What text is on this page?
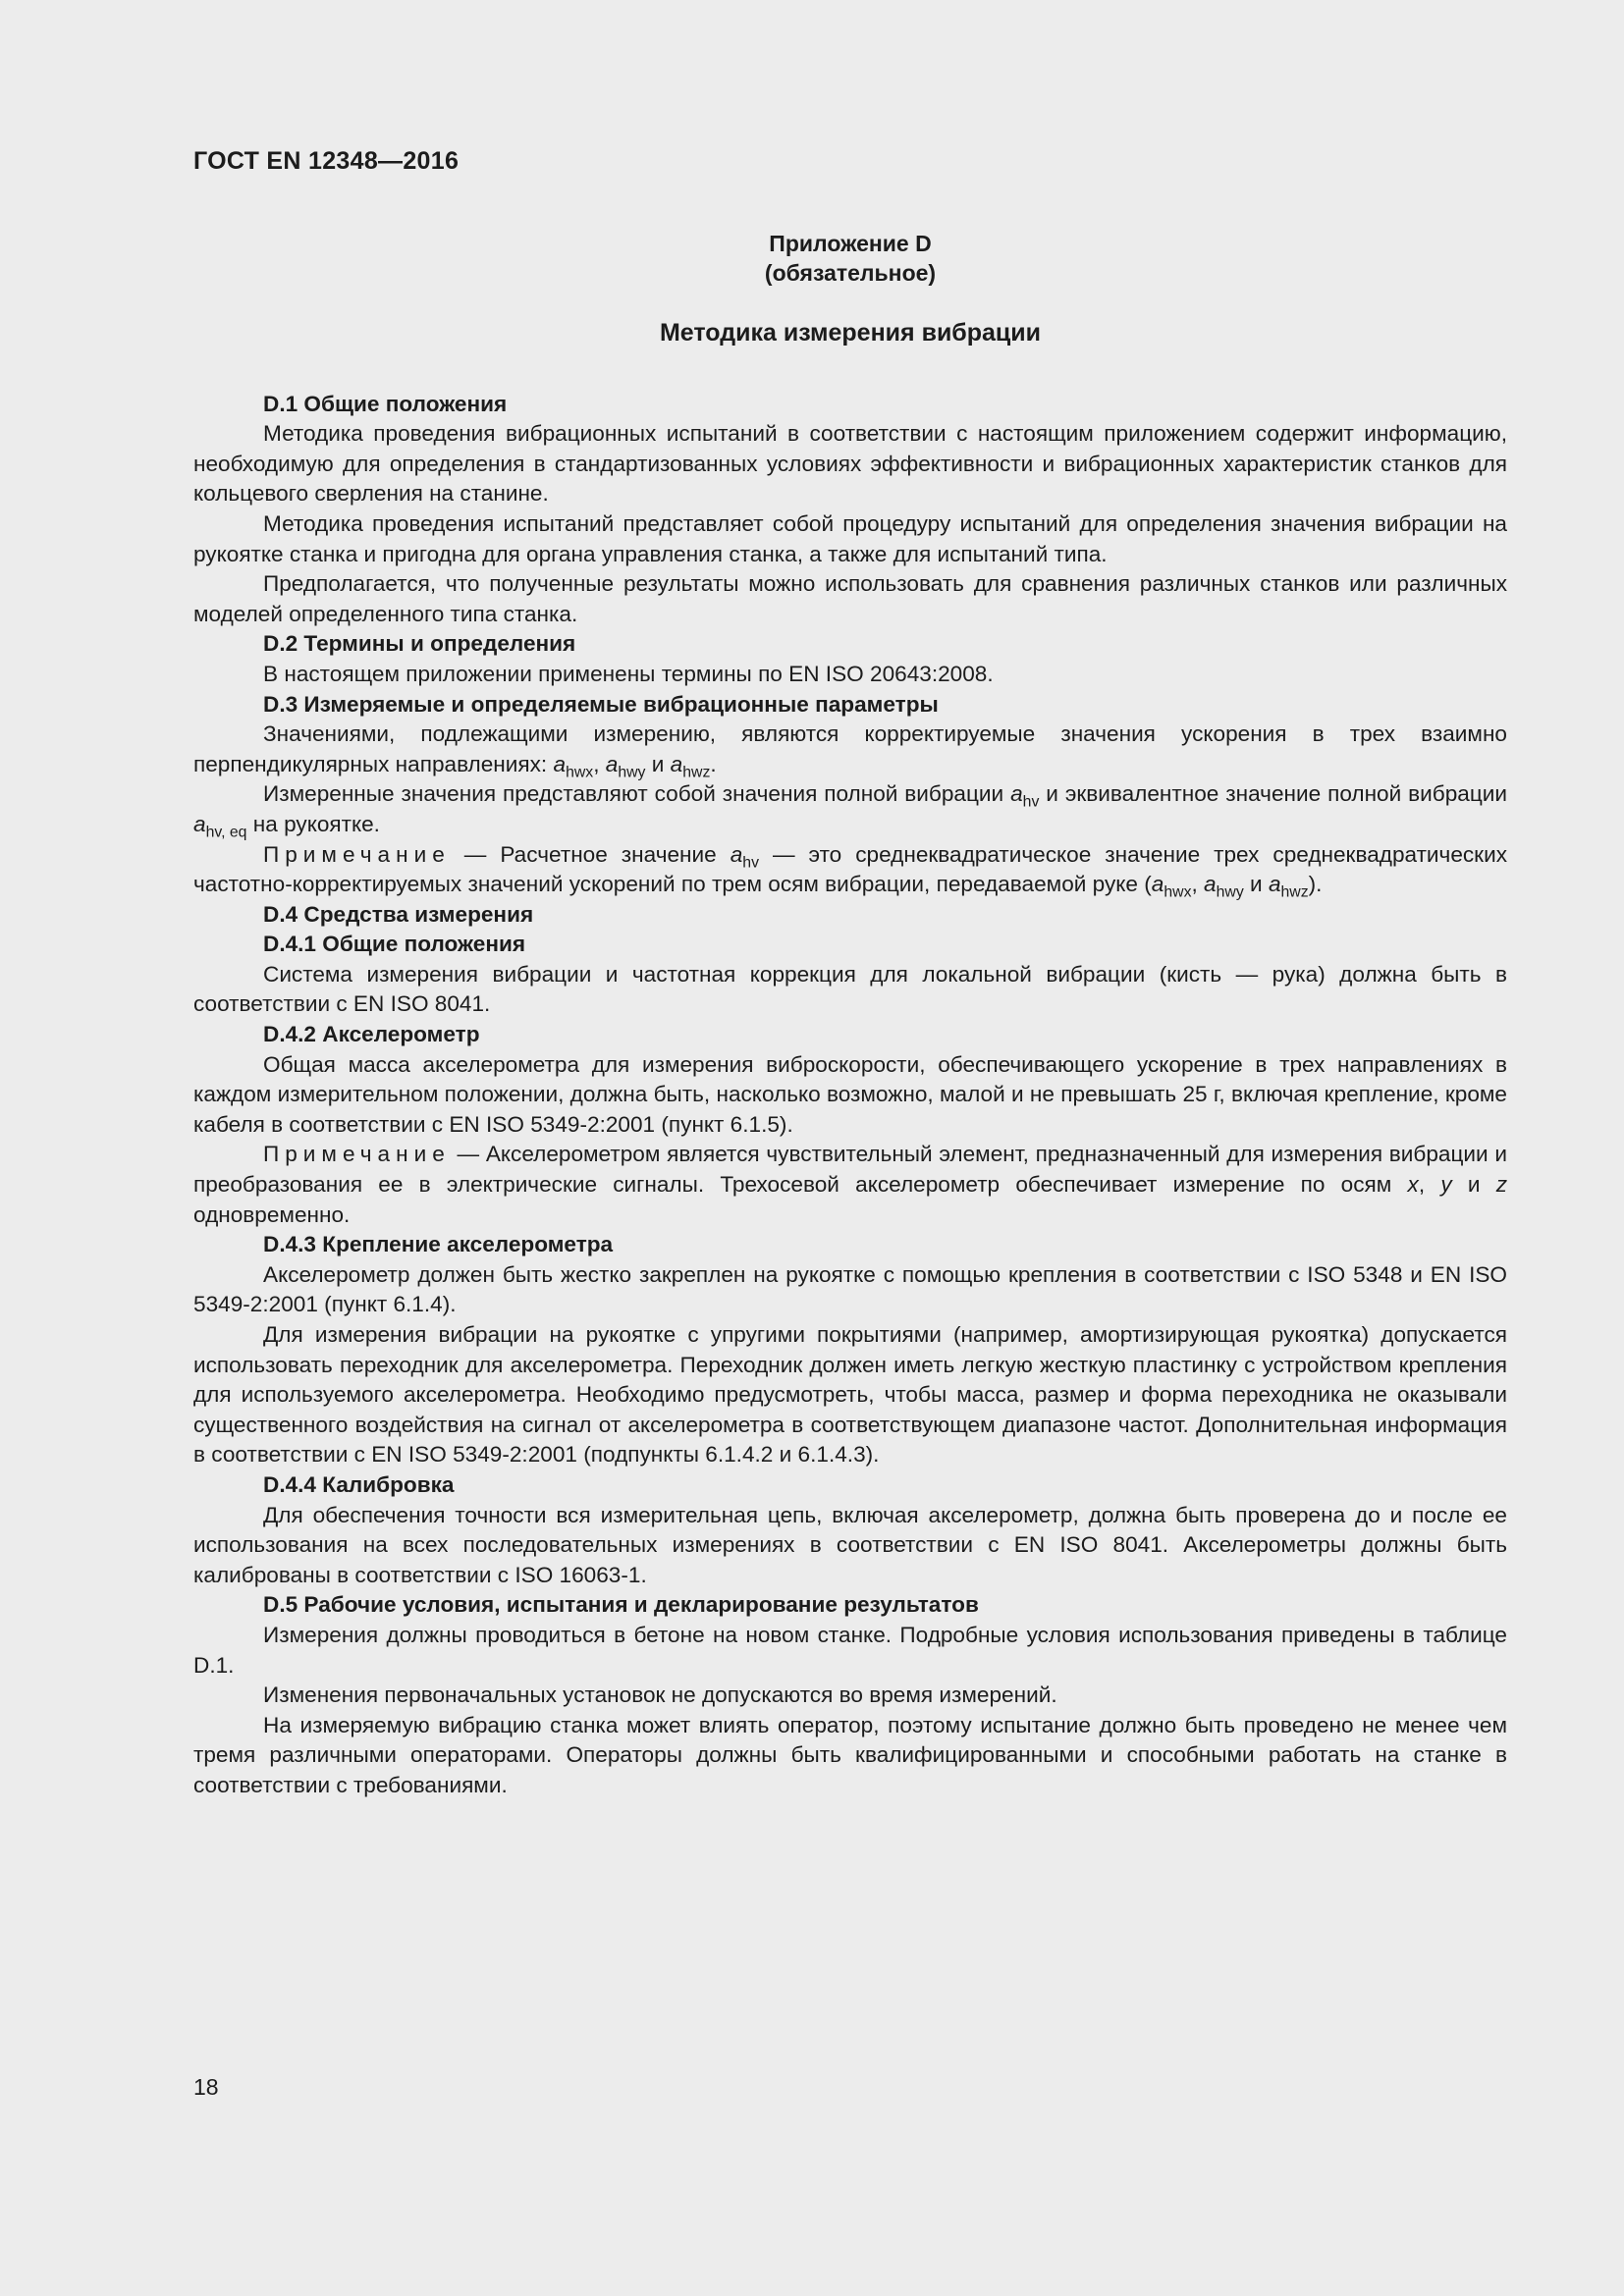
ГОСТ EN 12348—2016
Приложение D
(обязательное)
Методика измерения вибрации

D.1 Общие положения

Методика проведения вибрационных испытаний в соответствии с настоящим приложением содержит информацию, необходимую для определения в стандартизованных условиях эффективности и вибрационных характеристик станков для кольцевого сверления на станине.

Методика проведения испытаний представляет собой процедуру испытаний для определения значения вибрации на рукоятке станка и пригодна для органа управления станка, а также для испытаний типа.

Предполагается, что полученные результаты можно использовать для сравнения различных станков или различных моделей определенного типа станка.

D.2 Термины и определения

В настоящем приложении применены термины по EN ISO 20643:2008.

D.3 Измеряемые и определяемые вибрационные параметры

Значениями, подлежащими измерению, являются корректируемые значения ускорения в трех взаимно перпендикулярных направлениях: $a_{hwx}$, $a_{hwy}$ и $a_{hwz}$.

Измеренные значения представляют собой значения полной вибрации $a_{hv}$ и эквивалентное значение полной вибрации $a_{hv, eq}$ на рукоятке.

Примечание — Расчетное значение $a_{hv}$ — это среднеквадратическое значение трех среднеквадратических частотно-корректируемых значений ускорений по трем осям вибрации, передаваемой руке ($a_{hwx}$, $a_{hwy}$ и $a_{hwz}$).

D.4 Средства измерения

D.4.1 Общие положения

Система измерения вибрации и частотная коррекция для локальной вибрации (кисть — рука) должна быть в соответствии с EN ISO 8041.

D.4.2 Акселерометр

Общая масса акселерометра для измерения виброскорости, обеспечивающего ускорение в трех направлениях в каждом измерительном положении, должна быть, насколько возможно, малой и не превышать 25 г, включая крепление, кроме кабеля в соответствии с EN ISO 5349-2:2001 (пункт 6.1.5).

Примечание — Акселерометром является чувствительный элемент, предназначенный для измерения вибрации и преобразования ее в электрические сигналы. Трехосевой акселерометр обеспечивает измерение по осям x, y и z одновременно.

D.4.3 Крепление акселерометра

Акселерометр должен быть жестко закреплен на рукоятке с помощью крепления в соответствии с ISO 5348 и EN ISO 5349-2:2001 (пункт 6.1.4).

Для измерения вибрации на рукоятке с упругими покрытиями (например, амортизирующая рукоятка) допускается использовать переходник для акселерометра. Переходник должен иметь легкую жесткую пластинку с устройством крепления для используемого акселерометра. Необходимо предусмотреть, чтобы масса, размер и форма переходника не оказывали существенного воздействия на сигнал от акселерометра в соответствующем диапазоне частот. Дополнительная информация в соответствии с EN ISO 5349-2:2001 (подпункты 6.1.4.2 и 6.1.4.3).

D.4.4 Калибровка

Для обеспечения точности вся измерительная цепь, включая акселерометр, должна быть проверена до и после ее использования на всех последовательных измерениях в соответствии с EN ISO 8041. Акселерометры должны быть калиброваны в соответствии с ISO 16063-1.

D.5 Рабочие условия, испытания и декларирование результатов

Измерения должны проводиться в бетоне на новом станке. Подробные условия использования приведены в таблице D.1.

Изменения первоначальных установок не допускаются во время измерений.

На измеряемую вибрацию станка может влиять оператор, поэтому испытание должно быть проведено не менее чем тремя различными операторами. Операторы должны быть квалифицированными и способными работать на станке в соответствии с требованиями.

18
